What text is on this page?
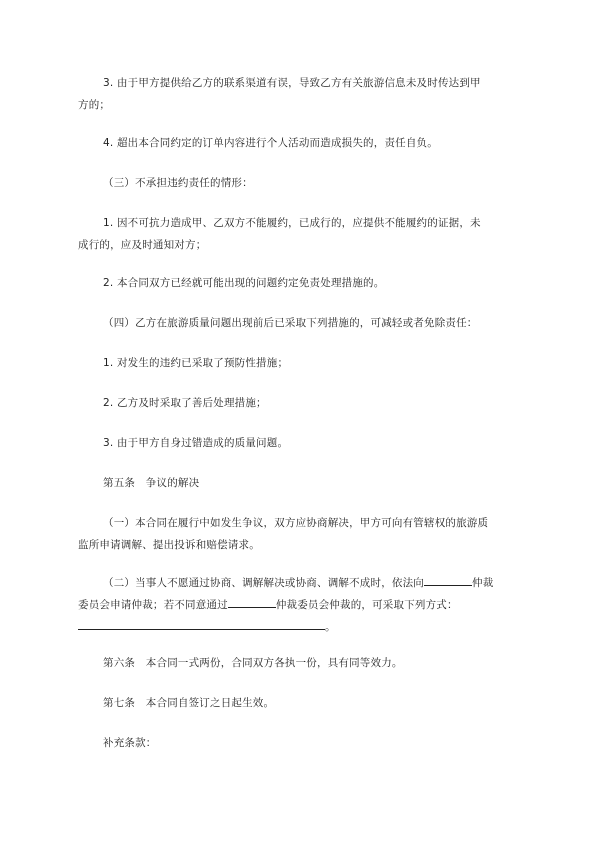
3. 由于甲方提供给乙方的联系渠道有误，导致乙方有关旅游信息未及时传达到甲
方的；
4. 超出本合同约定的订单内容进行个人活动而造成损失的，责任自负。
（三）不承担违约责任的情形：
1. 因不可抗力造成甲、乙双方不能履约，已成行的，应提供不能履约的证据，未
成行的，应及时通知对方；
2. 本合同双方已经就可能出现的问题约定免责处理措施的。
（四）乙方在旅游质量问题出现前后已采取下列措施的，可减轻或者免除责任：
1. 对发生的违约已采取了预防性措施；
2. 乙方及时采取了善后处理措施；
3. 由于甲方自身过错造成的质量问题。
第五条　争议的解决
（一）本合同在履行中如发生争议，双方应协商解决，甲方可向有管辖权的旅游质
监所申请调解、提出投诉和赔偿请求。
（二）当事人不愿通过协商、调解解决或协商、调解不成时，依法向	仲裁
委员会申请仲裁；若不同意通过	仲裁委员会仲裁的，可采取下列方式：
。
第六条　本合同一式两份，合同双方各执一份，具有同等效力。
第七条　本合同自签订之日起生效。
补充条款：
